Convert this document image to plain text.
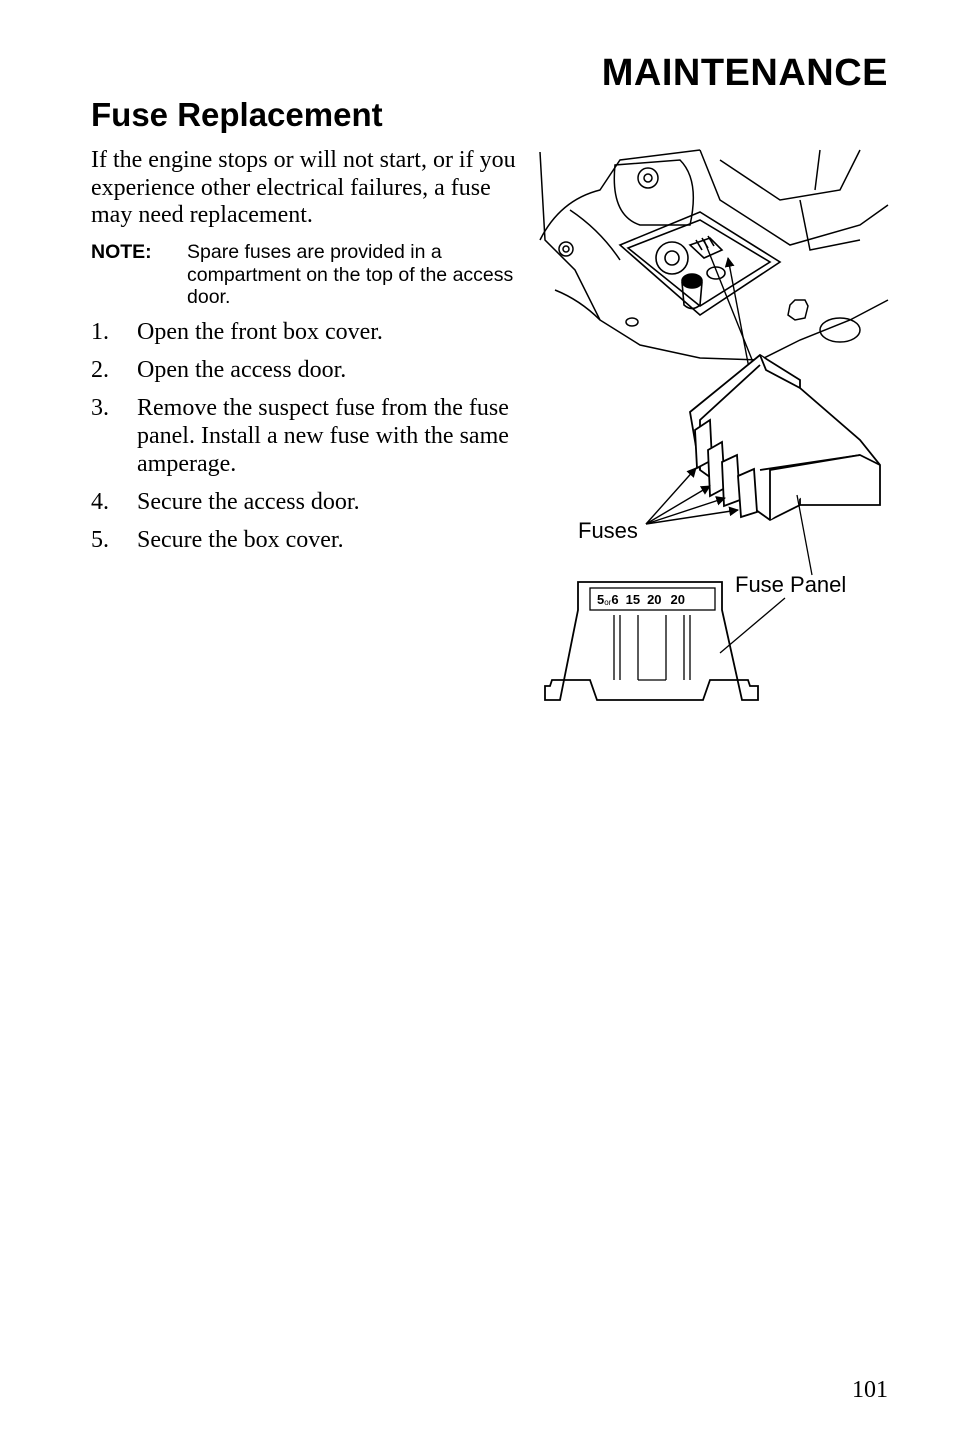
MAINTENANCE
Fuse Replacement

If the engine stops or will not start, or if you experience other electrical failures, a fuse may need replacement.

NOTE: Spare fuses are provided in a compartment on the top of the access door.
1. Open the front box cover.
2. Open the access door.
3. Remove the suspect fuse from the fuse panel. Install a new fuse with the same amperage.
4. Secure the access door.
5. Secure the box cover.	Fuses
Fuse Panel
5or6 15 20 20
101
